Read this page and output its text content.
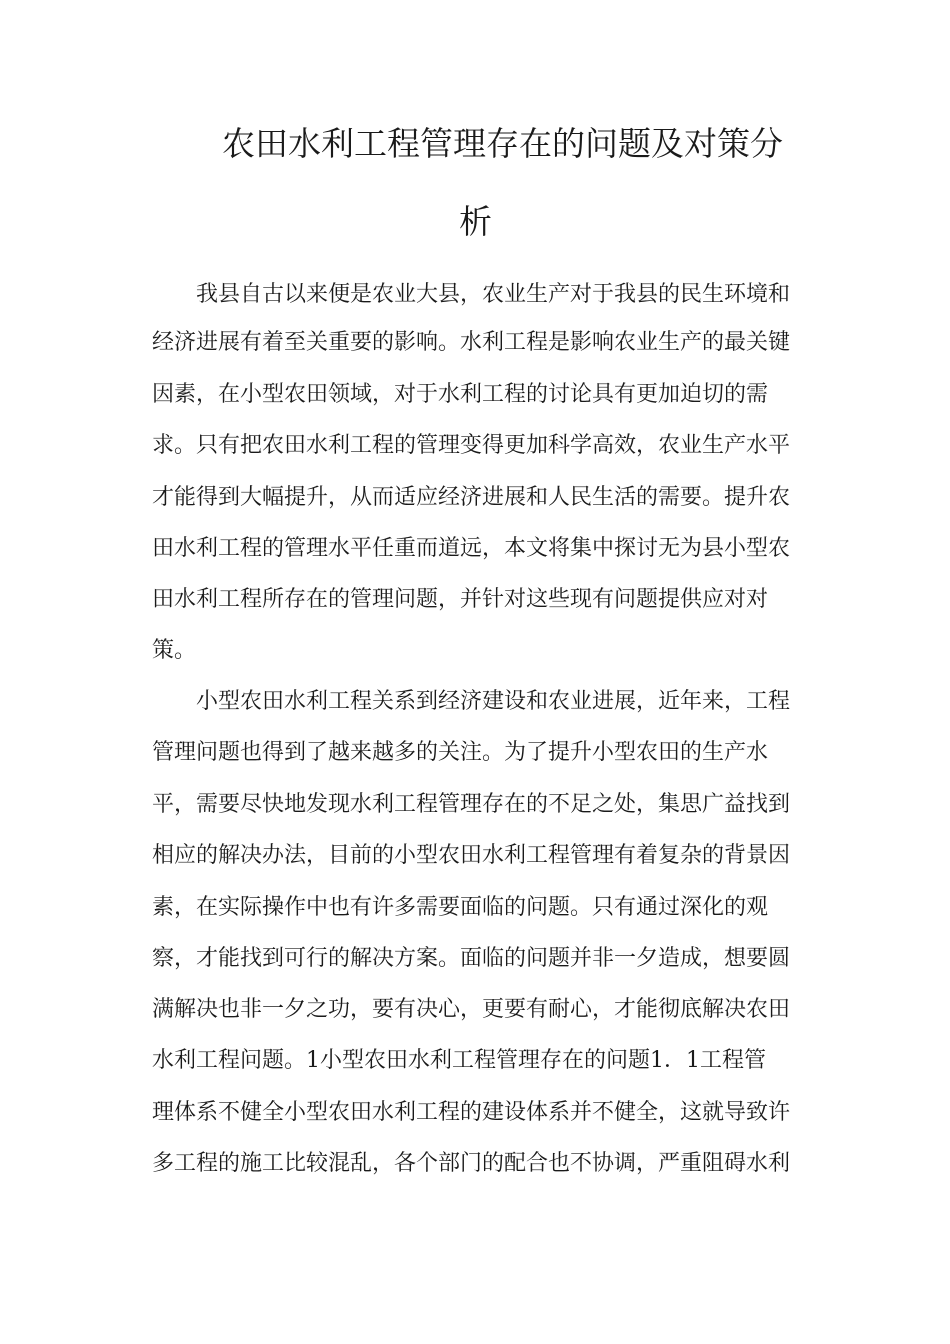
农田水利工程管理存在的问题及对策分
析
　　我县自古以来便是农业大县，农业生产对于我县的民生环境和
经济进展有着至关重要的影响。水利工程是影响农业生产的最关键
因素，在小型农田领域，对于水利工程的讨论具有更加迫切的需
求。只有把农田水利工程的管理变得更加科学高效，农业生产水平
才能得到大幅提升，从而适应经济进展和人民生活的需要。提升农
田水利工程的管理水平任重而道远，本文将集中探讨无为县小型农
田水利工程所存在的管理问题，并针对这些现有问题提供应对对
策。
　　小型农田水利工程关系到经济建设和农业进展，近年来，工程
管理问题也得到了越来越多的关注。为了提升小型农田的生产水
平，需要尽快地发现水利工程管理存在的不足之处，集思广益找到
相应的解决办法，目前的小型农田水利工程管理有着复杂的背景因
素，在实际操作中也有许多需要面临的问题。只有通过深化的观
察，才能找到可行的解决方案。面临的问题并非一夕造成，想要圆
满解决也非一夕之功，要有决心，更要有耐心，才能彻底解决农田
水利工程问题。1小型农田水利工程管理存在的问题1．1工程管
理体系不健全小型农田水利工程的建设体系并不健全，这就导致许
多工程的施工比较混乱，各个部门的配合也不协调，严重阻碍水利
